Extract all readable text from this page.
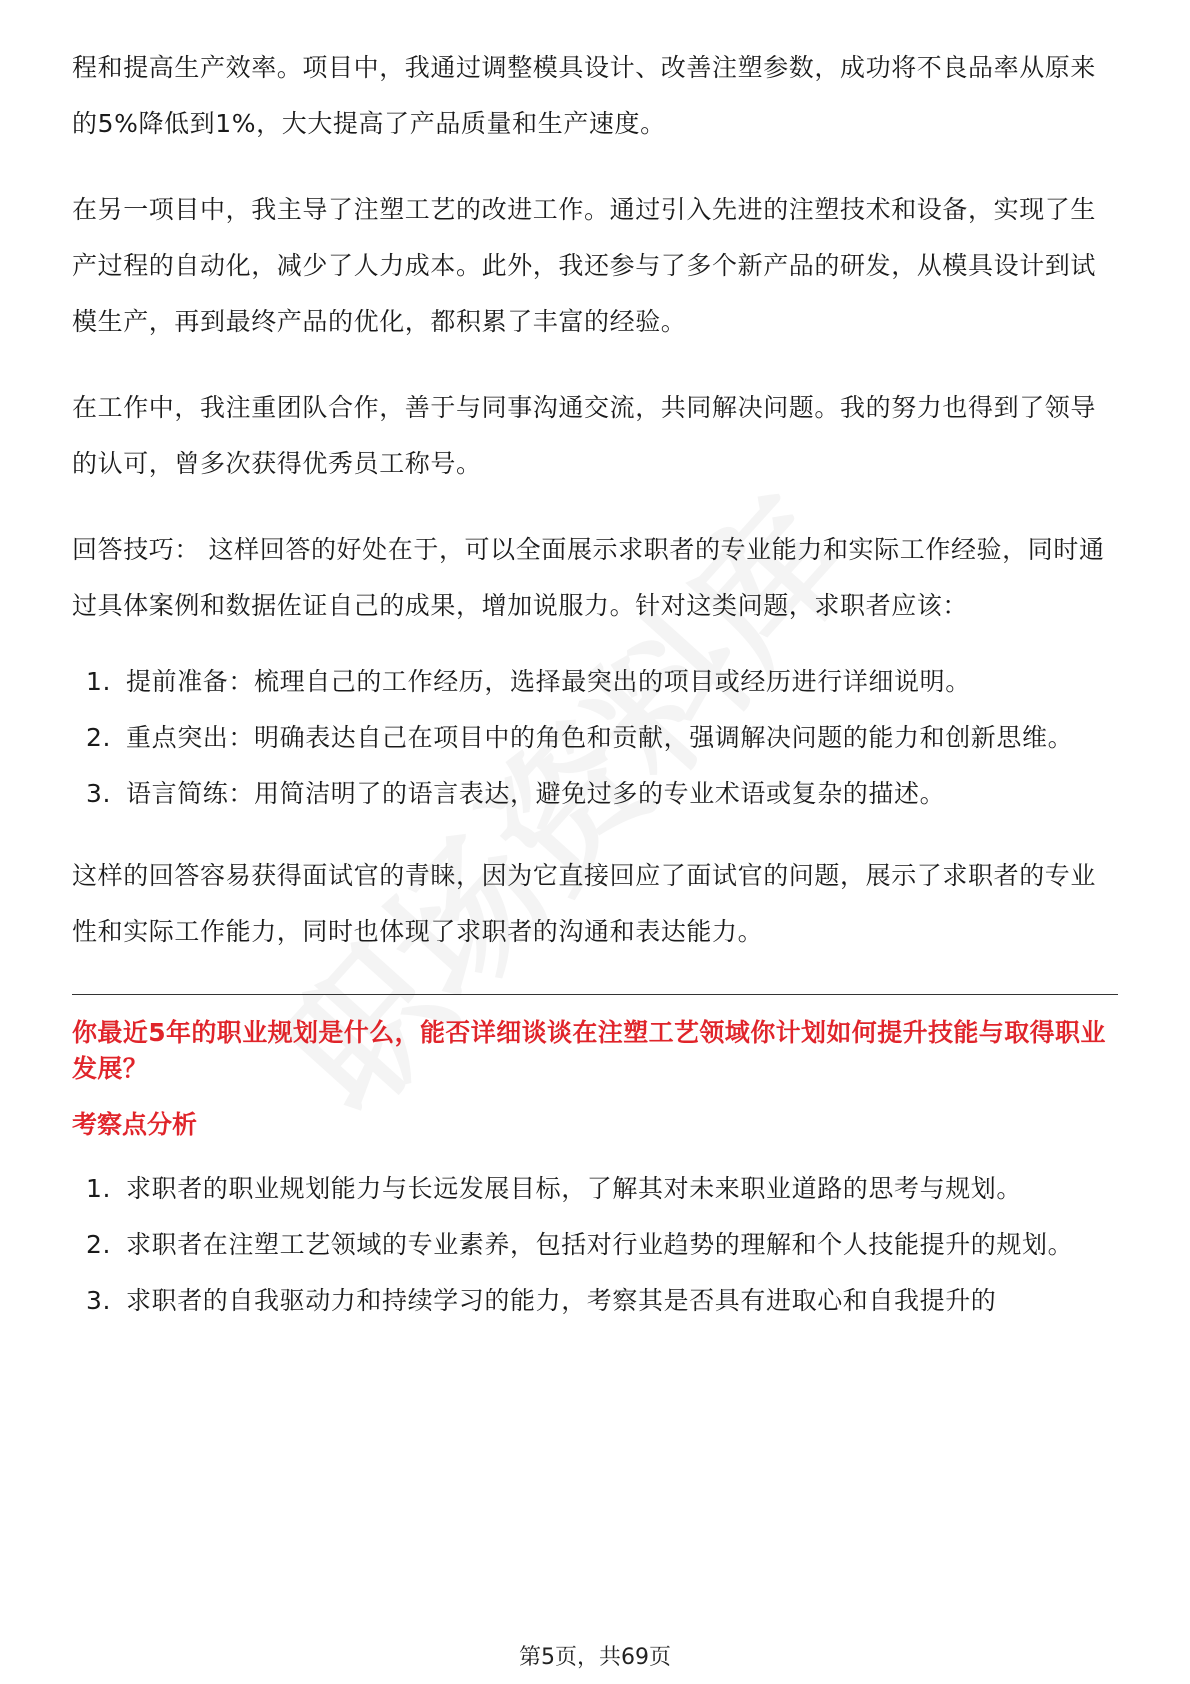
程和提高生产效率。项目中，我通过调整模具设计、改善注塑参数，成功将不良品率从原来的5%降低到1%，大大提高了产品质量和生产速度。

在另一项目中，我主导了注塑工艺的改进工作。通过引入先进的注塑技术和设备，实现了生产过程的自动化，减少了人力成本。此外，我还参与了多个新产品的研发，从模具设计到试模生产，再到最终产品的优化，都积累了丰富的经验。

在工作中，我注重团队合作，善于与同事沟通交流，共同解决问题。我的努力也得到了领导的认可，曾多次获得优秀员工称号。

回答技巧： 这样回答的好处在于，可以全面展示求职者的专业能力和实际工作经验，同时通过具体案例和数据佐证自己的成果，增加说服力。针对这类问题，求职者应该：

1. 提前准备：梳理自己的工作经历，选择最突出的项目或经历进行详细说明。
2. 重点突出：明确表达自己在项目中的角色和贡献，强调解决问题的能力和创新思维。
3. 语言简练：用简洁明了的语言表达，避免过多的专业术语或复杂的描述。

这样的回答容易获得面试官的青睐，因为它直接回应了面试官的问题，展示了求职者的专业性和实际工作能力，同时也体现了求职者的沟通和表达能力。

你最近5年的职业规划是什么，能否详细谈谈在注塑工艺领域你计划如何提升技能与取得职业发展？
考察点分析
1. 求职者的职业规划能力与长远发展目标，了解其对未来职业道路的思考与规划。
2. 求职者在注塑工艺领域的专业素养，包括对行业趋势的理解和个人技能提升的规划。
3. 求职者的自我驱动力和持续学习的能力，考察其是否具有进取心和自我提升的
第5页，共69页
